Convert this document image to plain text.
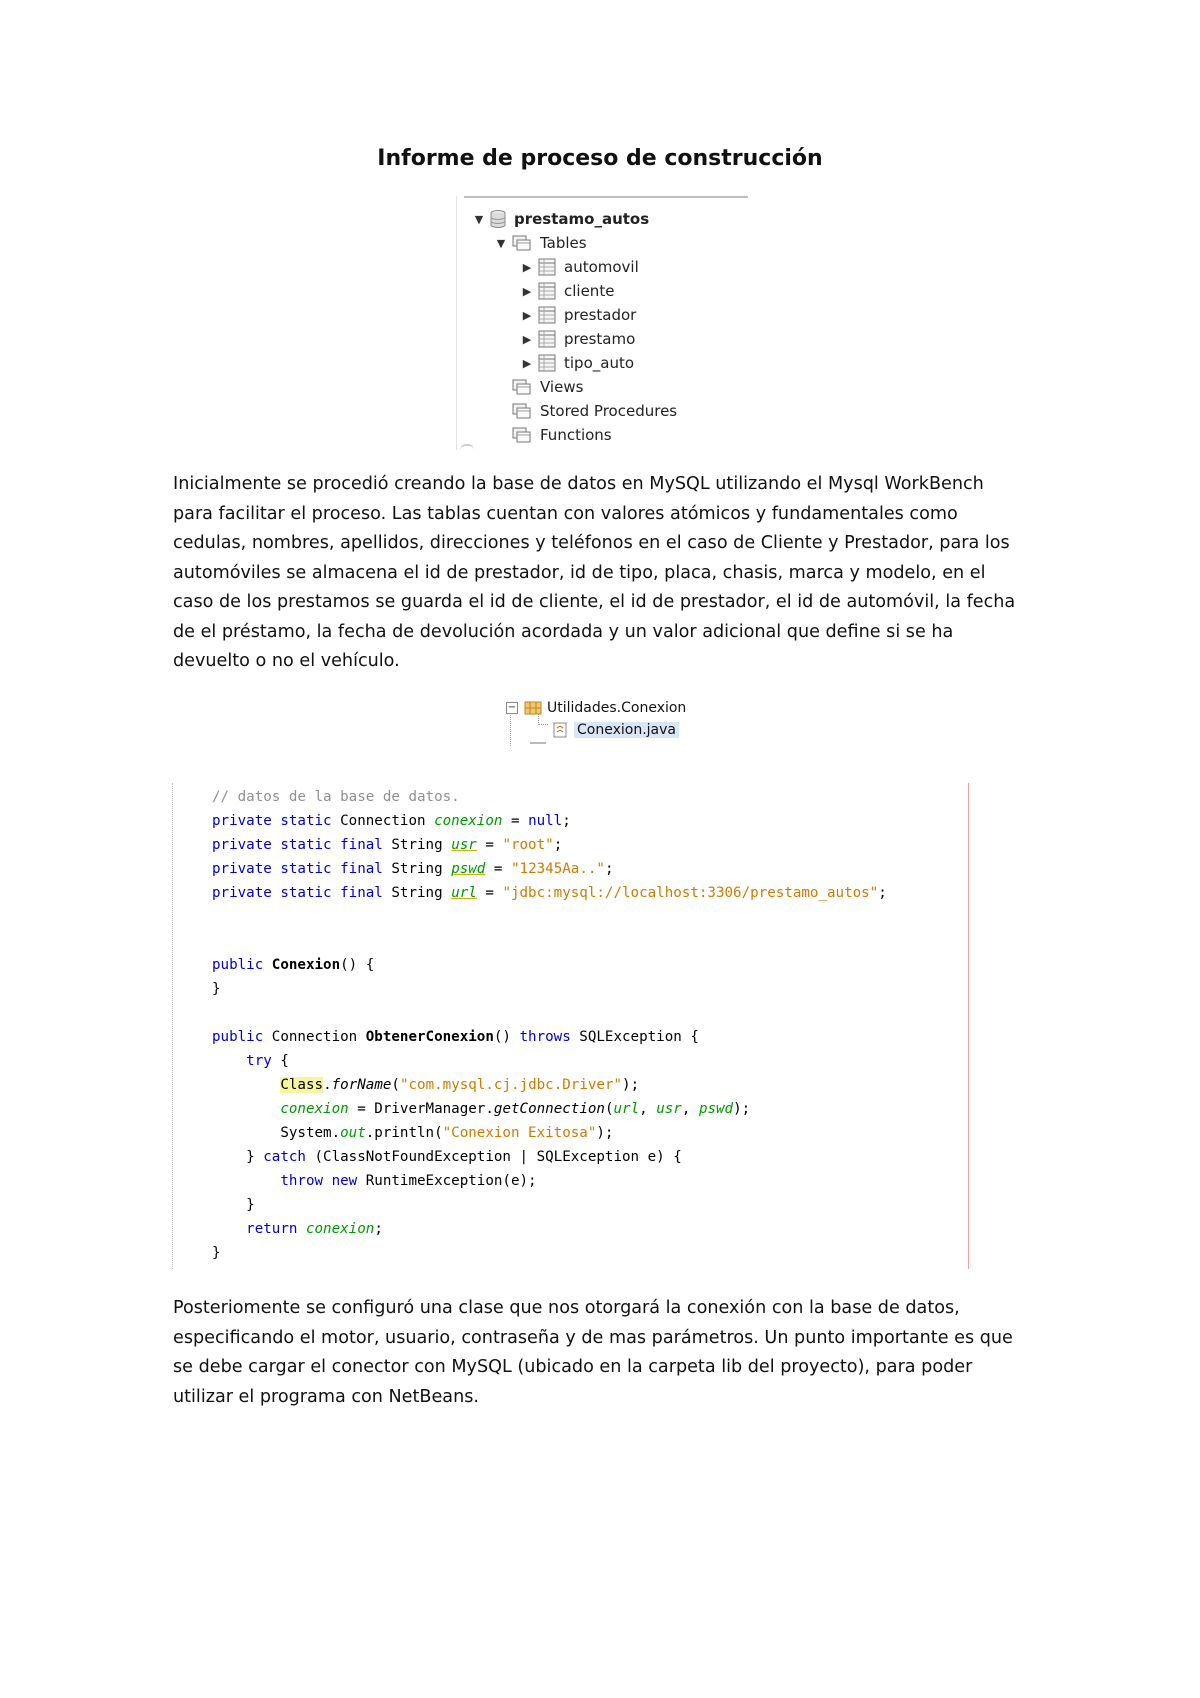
Informe de proceso de construcción
▼ prestamo_autos
▼ Tables
▶ automovil
▶ cliente
▶ prestador
▶ prestamo
▶ tipo_auto
Views
Stored Procedures
Functions

Inicialmente se procedió creando la base de datos en MySQL utilizando el Mysql WorkBench

para facilitar el proceso. Las tablas cuentan con valores atómicos y fundamentales como

cedulas, nombres, apellidos, direcciones y teléfonos en el caso de Cliente y Prestador, para los

automóviles se almacena el id de prestador, id de tipo, placa, chasis, marca y modelo, en el

caso de los prestamos se guarda el id de cliente, el id de prestador, el id de automóvil, la fecha

de el préstamo, la fecha de devolución acordada y un valor adicional que define si se ha

devuelto o no el vehículo.

− Utilidades.Conexion
Conexion.java
// datos de la base de datos.
private static Connection conexion = null;
private static final String usr = "root";
private static final String pswd = "12345Aa..";
private static final String url = "jdbc:mysql://localhost:3306/prestamo_autos";
public Conexion() {
}
public Connection ObtenerConexion() throws SQLException {
try {
Class.forName("com.mysql.cj.jdbc.Driver");
conexion = DriverManager.getConnection(url, usr, pswd);
System.out.println("Conexion Exitosa");
} catch (ClassNotFoundException | SQLException e) {
throw new RuntimeException(e);
}
return conexion;
}

Posteriomente se configuró una clase que nos otorgará la conexión con la base de datos,

especificando el motor, usuario, contraseña y de mas parámetros. Un punto importante es que

se debe cargar el conector con MySQL (ubicado en la carpeta lib del proyecto), para poder

utilizar el programa con NetBeans.
